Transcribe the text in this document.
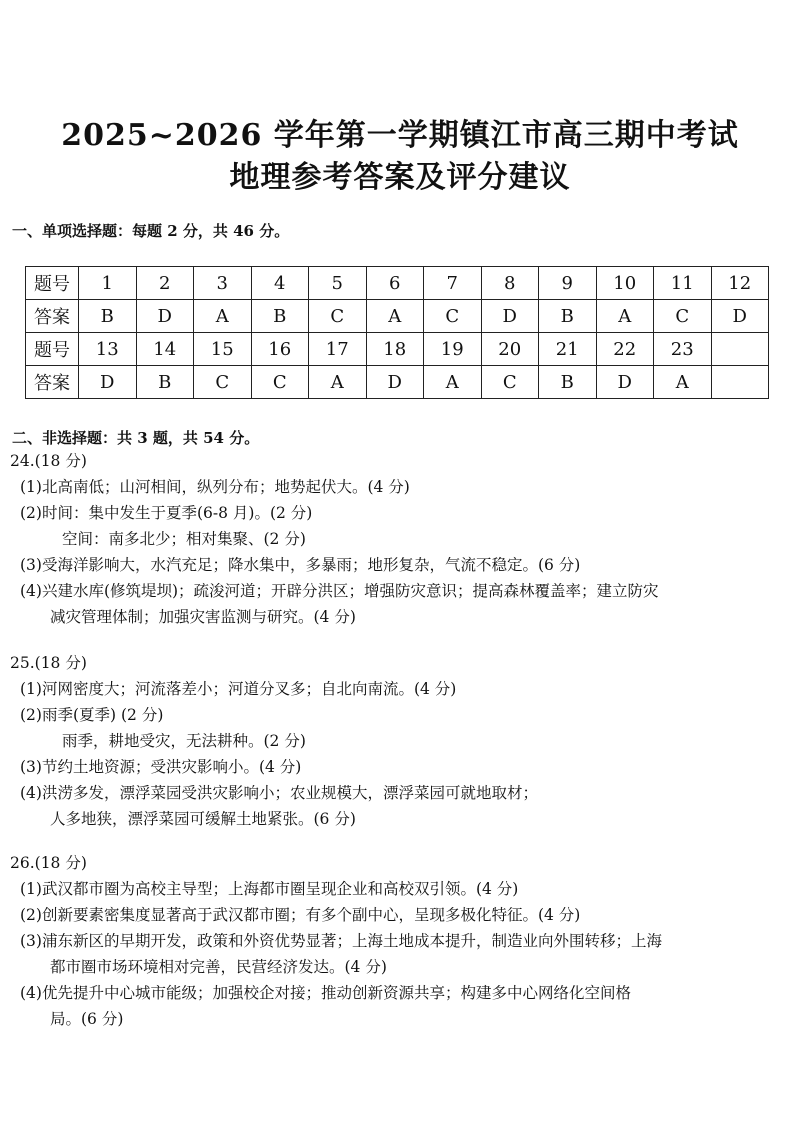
2025~2026 学年第一学期镇江市高三期中考试
地理参考答案及评分建议
一、单项选择题：每题 2 分，共 46 分。
题号	1	2	3	4	5	6	7	8	9	10	11	12
答案	B	D	A	B	C	A	C	D	B	A	C	D
题号	13	14	15	16	17	18	19	20	21	22	23	
答案	D	B	C	C	A	D	A	C	B	D	A	
二、非选择题：共 3 题，共 54 分。
24.(18 分)
(1)北高南低；山河相间，纵列分布；地势起伏大。(4 分)
(2)时间：集中发生于夏季(6-8 月)。(2 分)
空间：南多北少；相对集聚、(2 分)
(3)受海洋影响大，水汽充足；降水集中，多暴雨；地形复杂，气流不稳定。(6 分)
(4)兴建水库(修筑堤坝)；疏浚河道；开辟分洪区；增强防灾意识；提高森林覆盖率；建立防灾
减灾管理体制；加强灾害监测与研究。(4 分)
25.(18 分)
(1)河网密度大；河流落差小；河道分叉多；自北向南流。(4 分)
(2)雨季(夏季) (2 分)
雨季，耕地受灾，无法耕种。(2 分)
(3)节约土地资源；受洪灾影响小。(4 分)
(4)洪涝多发，漂浮菜园受洪灾影响小；农业规模大，漂浮菜园可就地取材；
人多地狭，漂浮菜园可缓解土地紧张。(6 分)
26.(18 分)
(1)武汉都市圈为高校主导型；上海都市圈呈现企业和高校双引领。(4 分)
(2)创新要素密集度显著高于武汉都市圈；有多个副中心，呈现多极化特征。(4 分)
(3)浦东新区的早期开发，政策和外资优势显著；上海土地成本提升，制造业向外围转移；上海
都市圈市场环境相对完善，民营经济发达。(4 分)
(4)优先提升中心城市能级；加强校企对接；推动创新资源共享；构建多中心网络化空间格
局。(6 分)
